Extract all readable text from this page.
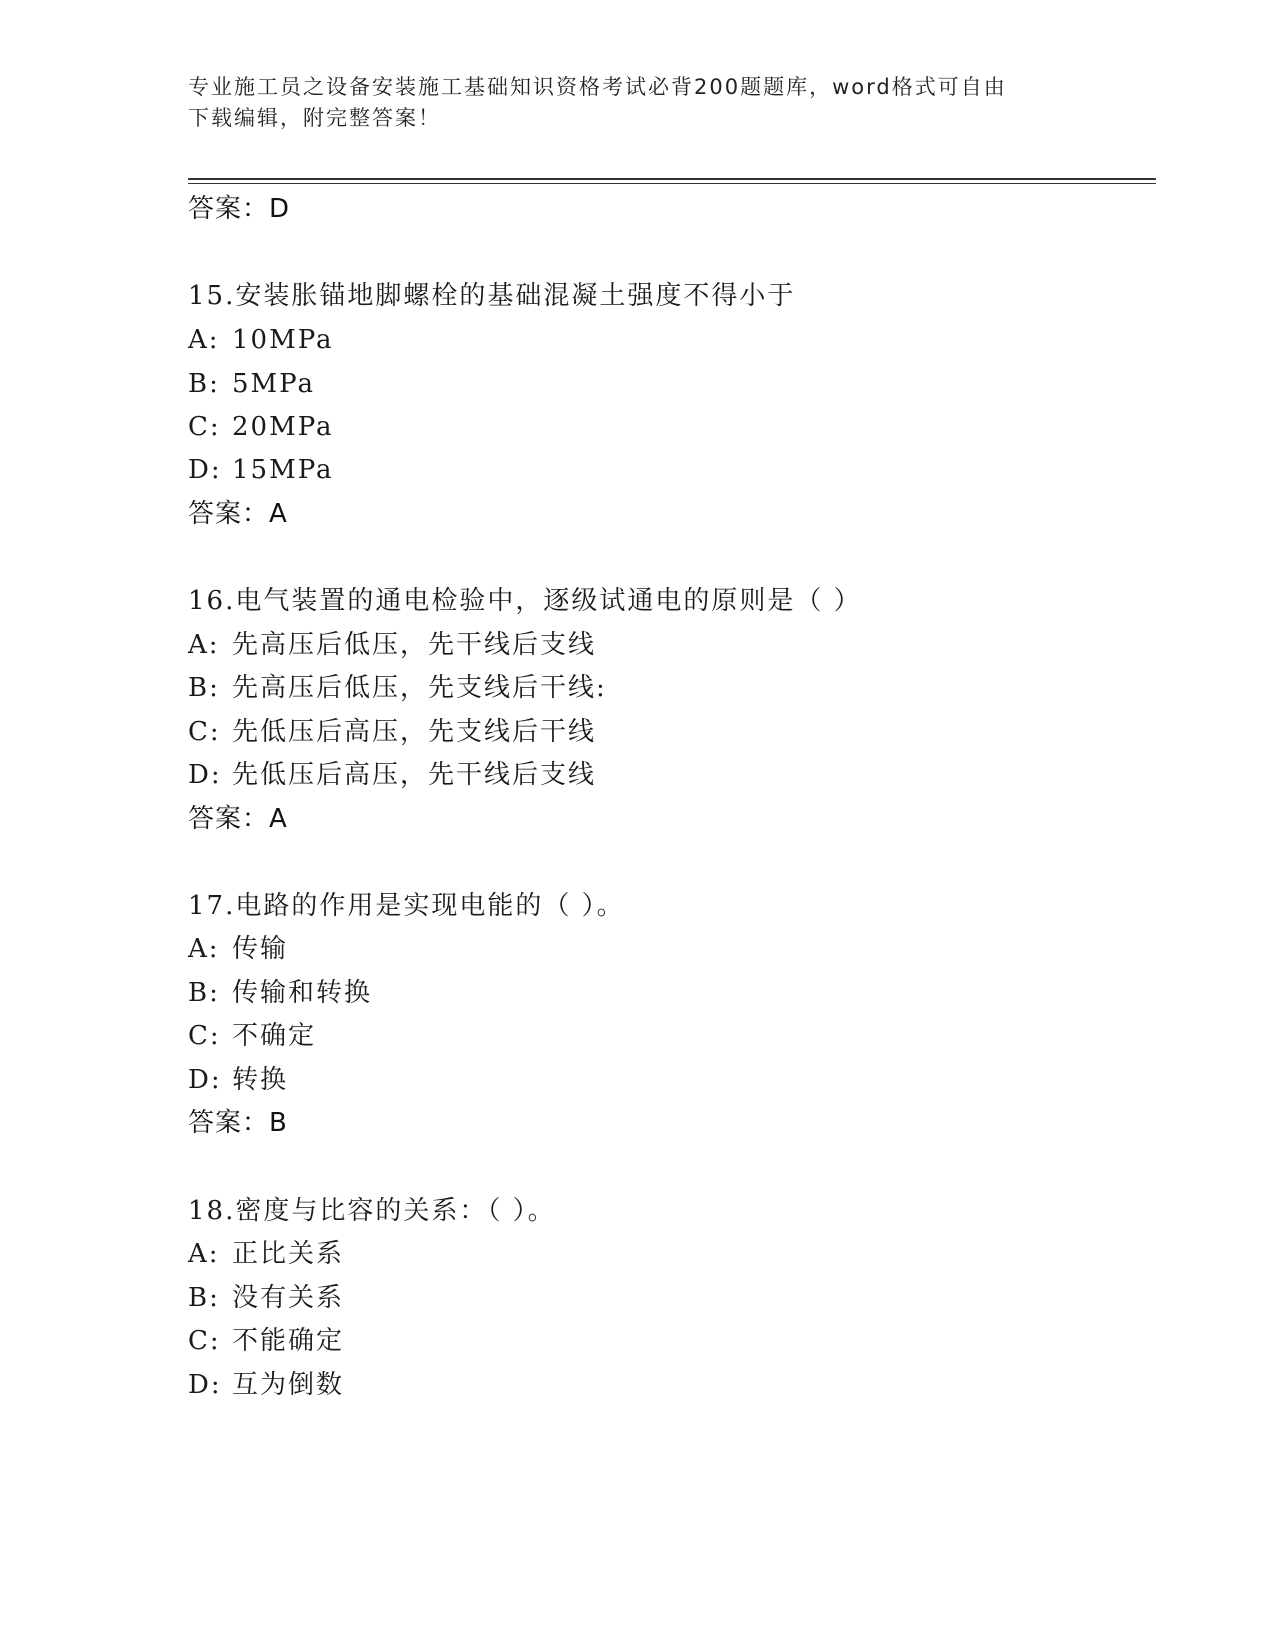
专业施工员之设备安装施工基础知识资格考试必背200题题库，word格式可自由
下载编辑，附完整答案！
答案：D
15.安装胀锚地脚螺栓的基础混凝土强度不得小于
A: 10MPa
B: 5MPa
C: 20MPa
D: 15MPa
答案：A
16.电气装置的通电检验中，逐级试通电的原则是（ ）
A: 先高压后低压，先干线后支线
B: 先高压后低压，先支线后干线:
C: 先低压后高压，先支线后干线
D: 先低压后高压，先干线后支线
答案：A
17.电路的作用是实现电能的（ ）。
A: 传输
B: 传输和转换
C: 不确定
D: 转换
答案：B
18.密度与比容的关系：（ ）。
A: 正比关系
B: 没有关系
C: 不能确定
D: 互为倒数
